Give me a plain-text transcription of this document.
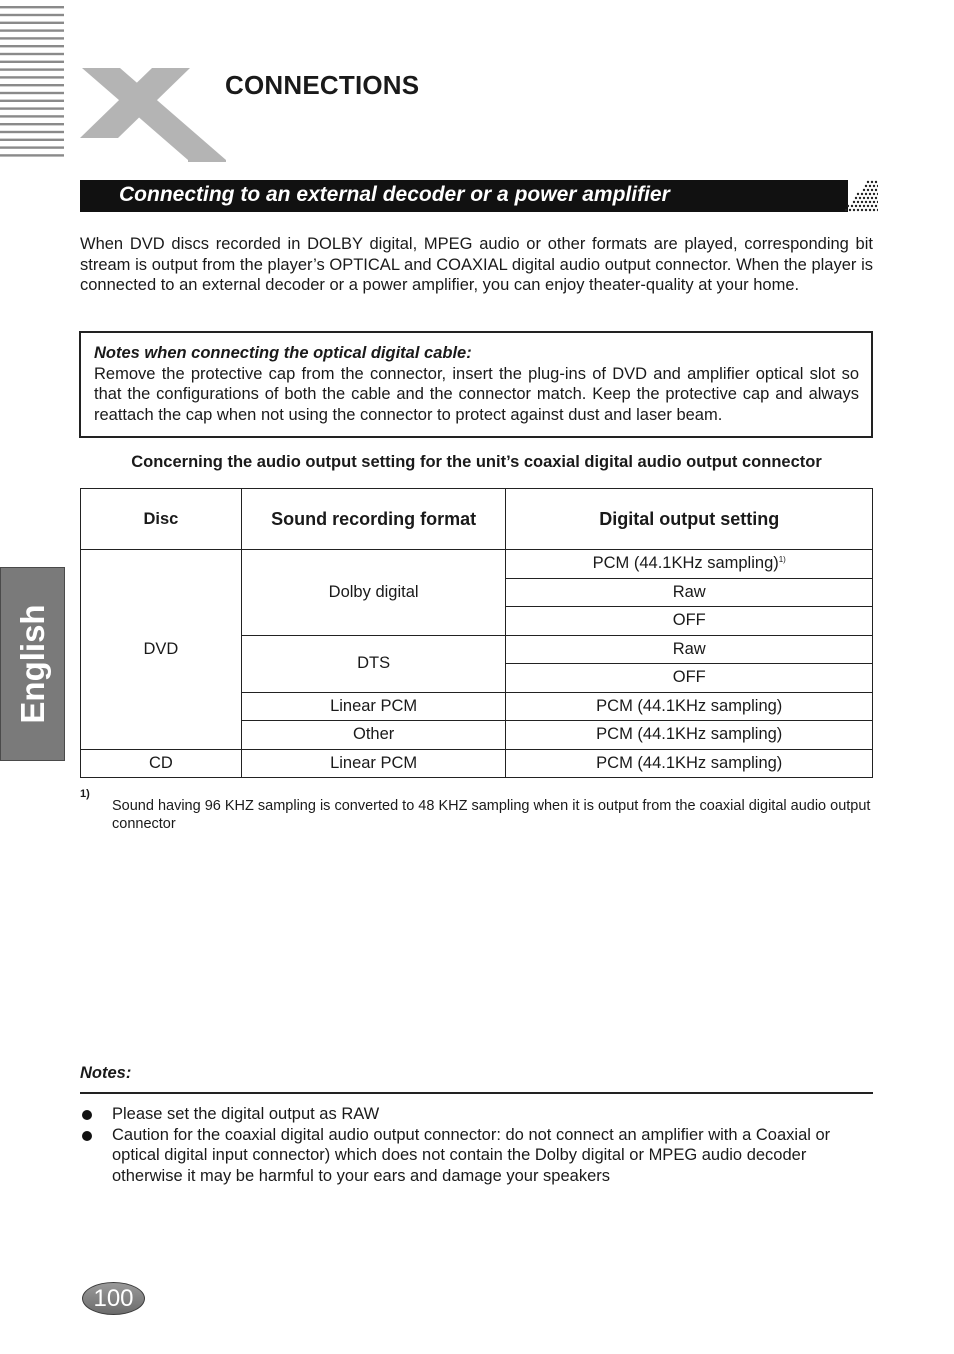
CONNECTIONS
Connecting to an external decoder or a power amplifier

When DVD discs recorded in DOLBY digital, MPEG audio or other formats are played, corresponding bit stream is output from the player’s OPTICAL and COAXIAL digital audio output connector. When the player is connected to an external decoder or a power amplifier, you can enjoy theater-quality at your home.

Notes when connecting the optical digital cable:
Remove the protective cap from the connector, insert the plug-ins of DVD and amplifier optical slot so that the configurations of both the cable and the connector match. Keep the protective cap and always reattach the cap when not using the connector to protect against dust and laser beam.
Concerning the audio output setting for the unit’s coaxial digital audio output connector
Disc	Sound recording format	Digital output setting
DVD	Dolby digital	PCM (44.1KHz sampling)$^{1)}$
		Raw
		OFF
	DTS	Raw
		OFF
	Linear PCM	PCM (44.1KHz sampling)
	Other	PCM (44.1KHz sampling)
CD	Linear PCM	PCM (44.1KHz sampling)
1)
Sound having 96 KHZ sampling is converted to 48 KHZ sampling when it is output from the coaxial digital audio output connector
English
Notes:
Please set the digital output as RAW
Caution for the coaxial digital audio output connector: do not connect an amplifier with a Coaxial or optical digital input connector) which does not contain the Dolby digital or MPEG audio decoder otherwise it may be harmful to your ears and damage your speakers
100
